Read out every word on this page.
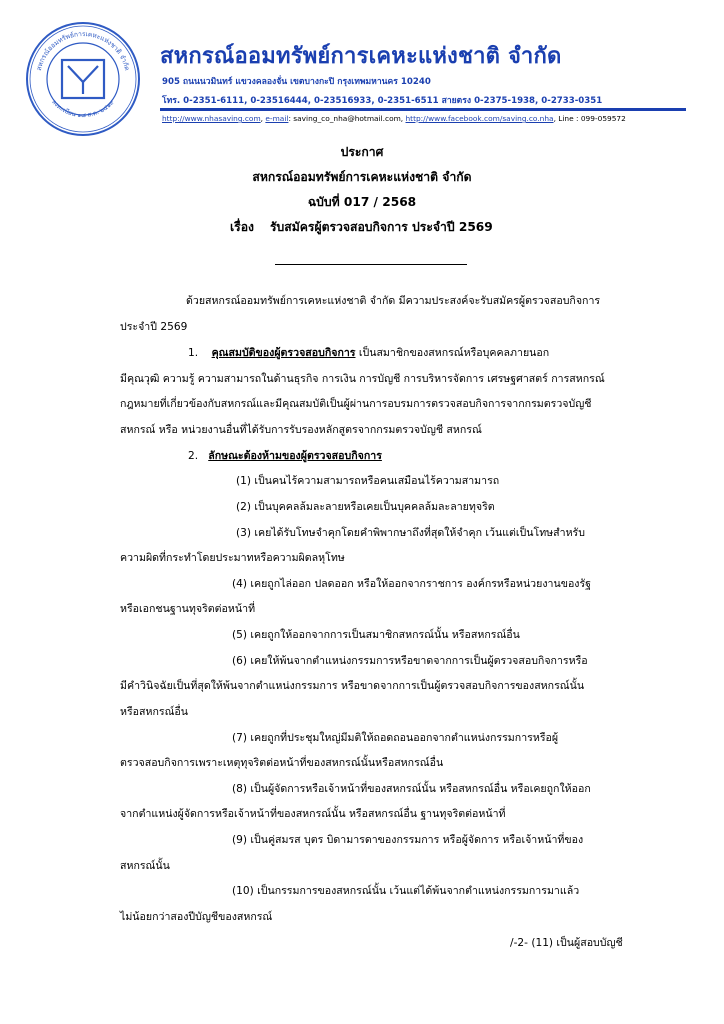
สหกรณ์ออมทรัพย์การเคหะแห่งชาติ จำกัด
ลงทะเบียน ๑๘ ส.ค. ๒๕๑๙
สหกรณ์ออมทรัพย์การเคหะแห่งชาติ จำกัด
905 ถนนนวมินทร์ แขวงคลองจั่น เขตบางกะปิ กรุงเทพมหานคร 10240
โทร. 0-2351-6111, 0-23516444, 0-23516933, 0-2351-6511 สายตรง 0-2375-1938, 0-2733-0351
http://www.nhasaving.com, e-mail: saving_co_nha@hotmail.com, http://www.facebook.com/saving.co.nha, Line : 099-059572
ประกาศ
สหกรณ์ออมทรัพย์การเคหะแห่งชาติ จำกัด
ฉบับที่ 017 / 2568
เรื่อง รับสมัครผู้ตรวจสอบกิจการ ประจำปี 2569
ด้วยสหกรณ์ออมทรัพย์การเคหะแห่งชาติ จำกัด มีความประสงค์จะรับสมัครผู้ตรวจสอบกิจการ
ประจำปี 2569
1. คุณสมบัติของผู้ตรวจสอบกิจการ เป็นสมาชิกของสหกรณ์หรือบุคคลภายนอก
มีคุณวุฒิ ความรู้ ความสามารถในด้านธุรกิจ การเงิน การบัญชี การบริหารจัดการ เศรษฐศาสตร์ การสหกรณ์
กฎหมายที่เกี่ยวข้องกับสหกรณ์และมีคุณสมบัติเป็นผู้ผ่านการอบรมการตรวจสอบกิจการจากกรมตรวจบัญชี
สหกรณ์ หรือ หน่วยงานอื่นที่ได้รับการรับรองหลักสูตรจากกรมตรวจบัญชี สหกรณ์
2. ลักษณะต้องห้ามของผู้ตรวจสอบกิจการ
(1) เป็นคนไร้ความสามารถหรือคนเสมือนไร้ความสามารถ
(2) เป็นบุคคลล้มละลายหรือเคยเป็นบุคคลล้มละลายทุจริต
(3) เคยได้รับโทษจำคุกโดยคำพิพากษาถึงที่สุดให้จำคุก เว้นแต่เป็นโทษสำหรับ
ความผิดที่กระทำโดยประมาทหรือความผิดลหุโทษ
(4) เคยถูกไล่ออก ปลดออก หรือให้ออกจากราชการ องค์กรหรือหน่วยงานของรัฐ
หรือเอกชนฐานทุจริตต่อหน้าที่
(5) เคยถูกให้ออกจากการเป็นสมาชิกสหกรณ์นั้น หรือสหกรณ์อื่น
(6) เคยให้พ้นจากตำแหน่งกรรมการหรือขาดจากการเป็นผู้ตรวจสอบกิจการหรือ
มีคำวินิจฉัยเป็นที่สุดให้พ้นจากตำแหน่งกรรมการ หรือขาดจากการเป็นผู้ตรวจสอบกิจการของสหกรณ์นั้น
หรือสหกรณ์อื่น
(7) เคยถูกที่ประชุมใหญ่มีมติให้ถอดถอนออกจากตำแหน่งกรรมการหรือผู้
ตรวจสอบกิจการเพราะเหตุทุจริตต่อหน้าที่ของสหกรณ์นั้นหรือสหกรณ์อื่น
(8) เป็นผู้จัดการหรือเจ้าหน้าที่ของสหกรณ์นั้น หรือสหกรณ์อื่น หรือเคยถูกให้ออก
จากตำแหน่งผู้จัดการหรือเจ้าหน้าที่ของสหกรณ์นั้น หรือสหกรณ์อื่น ฐานทุจริตต่อหน้าที่
(9) เป็นคู่สมรส บุตร บิดามารดาของกรรมการ หรือผู้จัดการ หรือเจ้าหน้าที่ของ
สหกรณ์นั้น
(10) เป็นกรรมการของสหกรณ์นั้น เว้นแต่ได้พ้นจากตำแหน่งกรรมการมาแล้ว
ไม่น้อยกว่าสองปีบัญชีของสหกรณ์
/-2- (11) เป็นผู้สอบบัญชี
